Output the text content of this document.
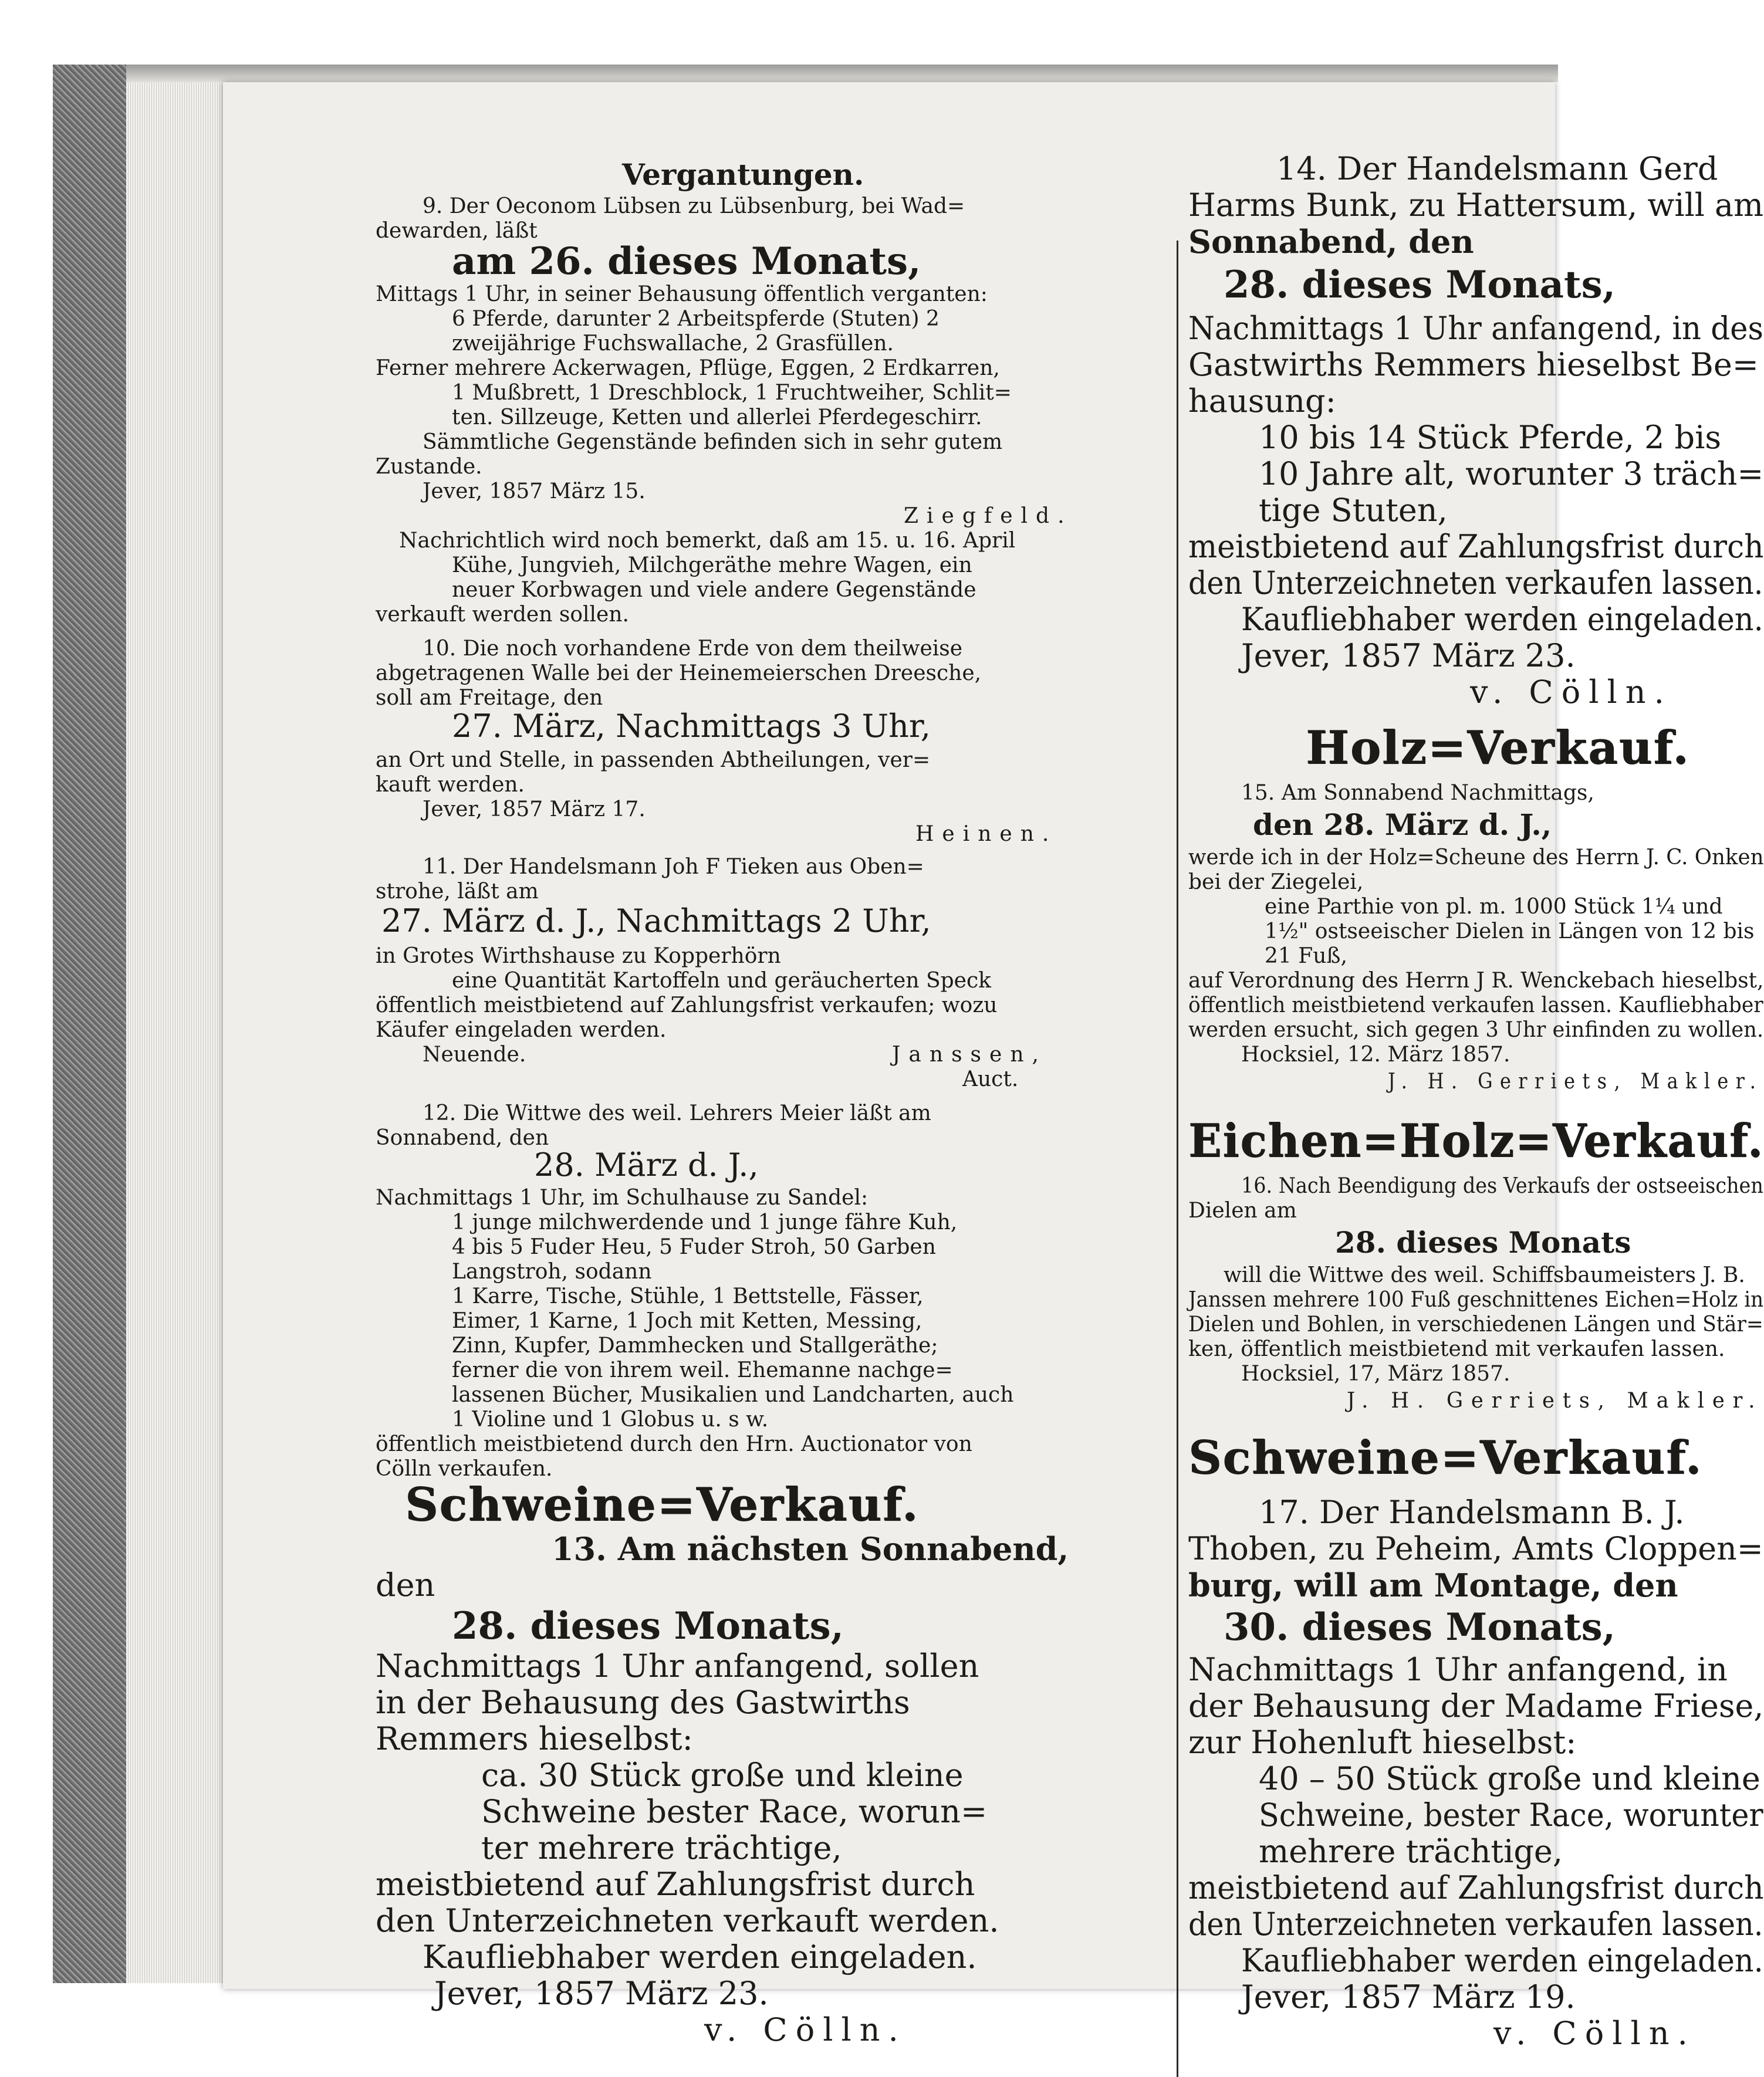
Vergantungen.
9. Der Oeconom Lübsen zu Lübsenburg, bei Wad=
dewarden, läßt
am 26. dieses Monats,
Mittags 1 Uhr, in seiner Behausung öffentlich verganten:
6 Pferde, darunter 2 Arbeitspferde (Stuten) 2
zweijährige Fuchswallache, 2 Grasfüllen.
Ferner mehrere Ackerwagen, Pflüge, Eggen, 2 Erdkarren,
1 Mußbrett, 1 Dreschblock, 1 Fruchtweiher, Schlit=
ten. Sillzeuge, Ketten und allerlei Pferdegeschirr.
Sämmtliche Gegenstände befinden sich in sehr gutem
Zustande.
Jever, 1857 März 15.
Ziegfeld.
Nachrichtlich wird noch bemerkt, daß am 15. u. 16. April
Kühe, Jungvieh, Milchgeräthe mehre Wagen, ein
neuer Korbwagen und viele andere Gegenstände
verkauft werden sollen.
10. Die noch vorhandene Erde von dem theilweise
abgetragenen Walle bei der Heinemeierschen Dreesche,
soll am Freitage, den
27. März, Nachmittags 3 Uhr,
an Ort und Stelle, in passenden Abtheilungen, ver=
kauft werden.
Jever, 1857 März 17.
Heinen.
11. Der Handelsmann Joh F Tieken aus Oben=
strohe, läßt am
27. März d. J., Nachmittags 2 Uhr,
in Grotes Wirthshause zu Kopperhörn
eine Quantität Kartoffeln und geräucherten Speck
öffentlich meistbietend auf Zahlungsfrist verkaufen; wozu
Käufer eingeladen werden.
Neuende.	Janssen,
Auct.
12. Die Wittwe des weil. Lehrers Meier läßt am
Sonnabend, den
28. März d. J.,
Nachmittags 1 Uhr, im Schulhause zu Sandel:
1 junge milchwerdende und 1 junge fähre Kuh,
4 bis 5 Fuder Heu, 5 Fuder Stroh, 50 Garben
Langstroh, sodann
1 Karre, Tische, Stühle, 1 Bettstelle, Fässer,
Eimer, 1 Karne, 1 Joch mit Ketten, Messing,
Zinn, Kupfer, Dammhecken und Stallgeräthe;
ferner die von ihrem weil. Ehemanne nachge=
lassenen Bücher, Musikalien und Landcharten, auch
1 Violine und 1 Globus u. s w.
öffentlich meistbietend durch den Hrn. Auctionator von
Cölln verkaufen.
Schweine=Verkauf.
13. Am nächsten Sonnabend,
den
28. dieses Monats,
Nachmittags 1 Uhr anfangend, sollen
in der Behausung des Gastwirths
Remmers hieselbst:
ca. 30 Stück große und kleine
Schweine bester Race, worun=
ter mehrere trächtige,
meistbietend auf Zahlungsfrist durch
den Unterzeichneten verkauft werden.
Kaufliebhaber werden eingeladen.
Jever, 1857 März 23.
v. Cölln.
14. Der Handelsmann Gerd
Harms Bunk, zu Hattersum, will am
Sonnabend, den
28. dieses Monats,
Nachmittags 1 Uhr anfangend, in des
Gastwirths Remmers hieselbst Be=
hausung:
10 bis 14 Stück Pferde, 2 bis
10 Jahre alt, worunter 3 träch=
tige Stuten,
meistbietend auf Zahlungsfrist durch
den Unterzeichneten verkaufen lassen.
Kaufliebhaber werden eingeladen.
Jever, 1857 März 23.
v. Cölln.
Holz=Verkauf.
15. Am Sonnabend Nachmittags,
den 28. März d. J.,
werde ich in der Holz=Scheune des Herrn J. C. Onken
bei der Ziegelei,
eine Parthie von pl. m. 1000 Stück 1¼ und
1½" ostseeischer Dielen in Längen von 12 bis
21 Fuß,
auf Verordnung des Herrn J R. Wenckebach hieselbst,
öffentlich meistbietend verkaufen lassen. Kaufliebhaber
werden ersucht, sich gegen 3 Uhr einfinden zu wollen.
Hocksiel, 12. März 1857.
J. H. Gerriets, Makler.
Eichen=Holz=Verkauf.
16. Nach Beendigung des Verkaufs der ostseeischen
Dielen am
28. dieses Monats
will die Wittwe des weil. Schiffsbaumeisters J. B.
Janssen mehrere 100 Fuß geschnittenes Eichen=Holz in
Dielen und Bohlen, in verschiedenen Längen und Stär=
ken, öffentlich meistbietend mit verkaufen lassen.
Hocksiel, 17, März 1857.
J. H. Gerriets, Makler.
Schweine=Verkauf.
17. Der Handelsmann B. J.
Thoben, zu Peheim, Amts Cloppen=
burg, will am Montage, den
30. dieses Monats,
Nachmittags 1 Uhr anfangend, in
der Behausung der Madame Friese,
zur Hohenluft hieselbst:
40 – 50 Stück große und kleine
Schweine, bester Race, worunter
mehrere trächtige,
meistbietend auf Zahlungsfrist durch
den Unterzeichneten verkaufen lassen.
Kaufliebhaber werden eingeladen.
Jever, 1857 März 19.
v. Cölln.
